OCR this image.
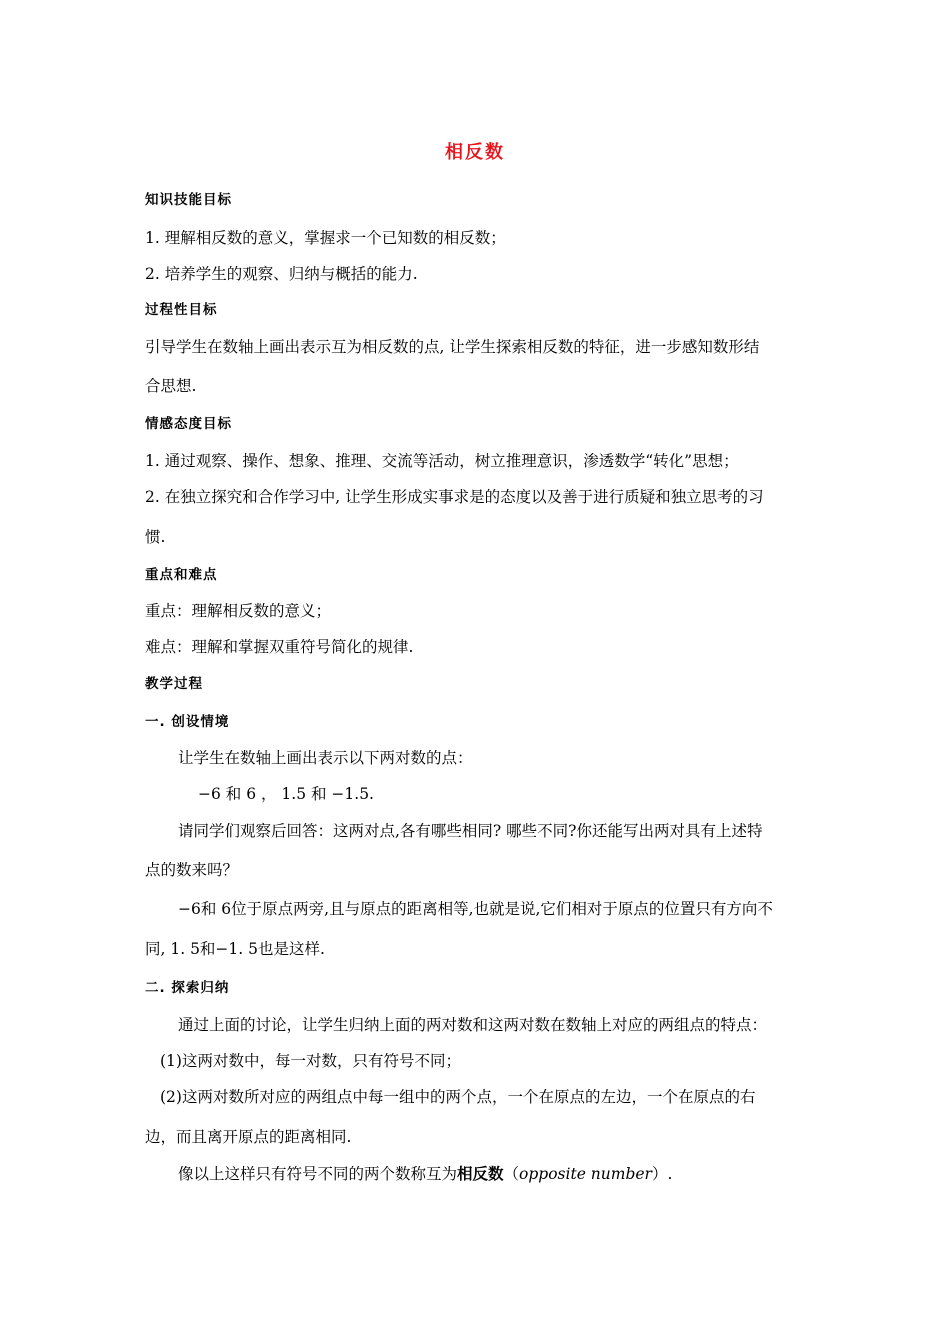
相反数
知识技能目标
1. 理解相反数的意义，掌握求一个已知数的相反数；
2. 培养学生的观察、归纳与概括的能力.
过程性目标
引导学生在数轴上画出表示互为相反数的点, 让学生探索相反数的特征，进一步感知数形结
合思想.
情感态度目标
1. 通过观察、操作、想象、推理、交流等活动，树立推理意识，渗透数学“转化”思想；
2. 在独立探究和合作学习中, 让学生形成实事求是的态度以及善于进行质疑和独立思考的习
惯.
重点和难点
重点：理解相反数的意义；
难点：理解和掌握双重符号简化的规律.
教学过程
一. 创设情境
让学生在数轴上画出表示以下两对数的点：
−6 和 6 ， 1.5 和 −1.5.
请同学们观察后回答：这两对点,各有哪些相同? 哪些不同?你还能写出两对具有上述特
点的数来吗？
−6和 6位于原点两旁,且与原点的距离相等,也就是说,它们相对于原点的位置只有方向不
同, 1. 5和−1. 5也是这样.
二. 探索归纳
通过上面的讨论，让学生归纳上面的两对数和这两对数在数轴上对应的两组点的特点：
(1)这两对数中，每一对数，只有符号不同；
(2)这两对数所对应的两组点中每一组中的两个点，一个在原点的左边，一个在原点的右
边，而且离开原点的距离相同.
像以上这样只有符号不同的两个数称互为相反数（opposite number）.
